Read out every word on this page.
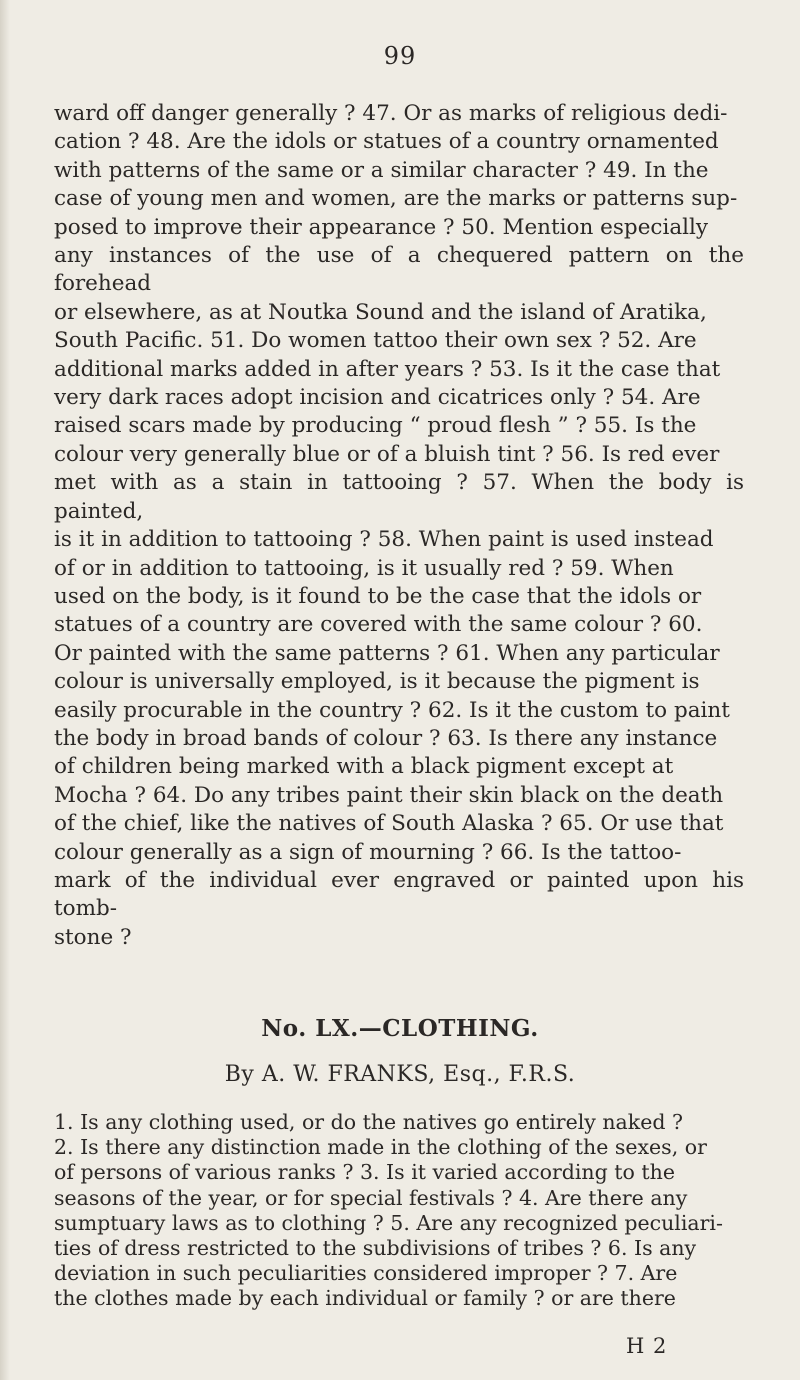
99

ward off danger generally ? 47. Or as marks of religious dedi-
cation ? 48. Are the idols or statues of a country ornamented
with patterns of the same or a similar character ? 49. In the
case of young men and women, are the marks or patterns sup-
posed to improve their appearance ? 50. Mention especially
any instances of the use of a chequered pattern on the forehead
or elsewhere, as at Noutka Sound and the island of Aratika,
South Pacific. 51. Do women tattoo their own sex ? 52. Are
additional marks added in after years ? 53. Is it the case that
very dark races adopt incision and cicatrices only ? 54. Are
raised scars made by producing “ proud flesh ” ? 55. Is the
colour very generally blue or of a bluish tint ? 56. Is red ever
met with as a stain in tattooing ? 57. When the body is painted,
is it in addition to tattooing ? 58. When paint is used instead
of or in addition to tattooing, is it usually red ? 59. When
used on the body, is it found to be the case that the idols or
statues of a country are covered with the same colour ? 60.
Or painted with the same patterns ? 61. When any particular
colour is universally employed, is it because the pigment is
easily procurable in the country ? 62. Is it the custom to paint
the body in broad bands of colour ? 63. Is there any instance
of children being marked with a black pigment except at
Mocha ? 64. Do any tribes paint their skin black on the death
of the chief, like the natives of South Alaska ? 65. Or use that
colour generally as a sign of mourning ? 66. Is the tattoo-
mark of the individual ever engraved or painted upon his tomb-
stone ?

No. LX.—CLOTHING.
By A. W. FRANKS, Esq., F.R.S.

1. Is any clothing used, or do the natives go entirely naked ?
2. Is there any distinction made in the clothing of the sexes, or
of persons of various ranks ? 3. Is it varied according to the
seasons of the year, or for special festivals ? 4. Are there any
sumptuary laws as to clothing ? 5. Are any recognized peculiari-
ties of dress restricted to the subdivisions of tribes ? 6. Is any
deviation in such peculiarities considered improper ? 7. Are
the clothes made by each individual or family ? or are there

H 2
